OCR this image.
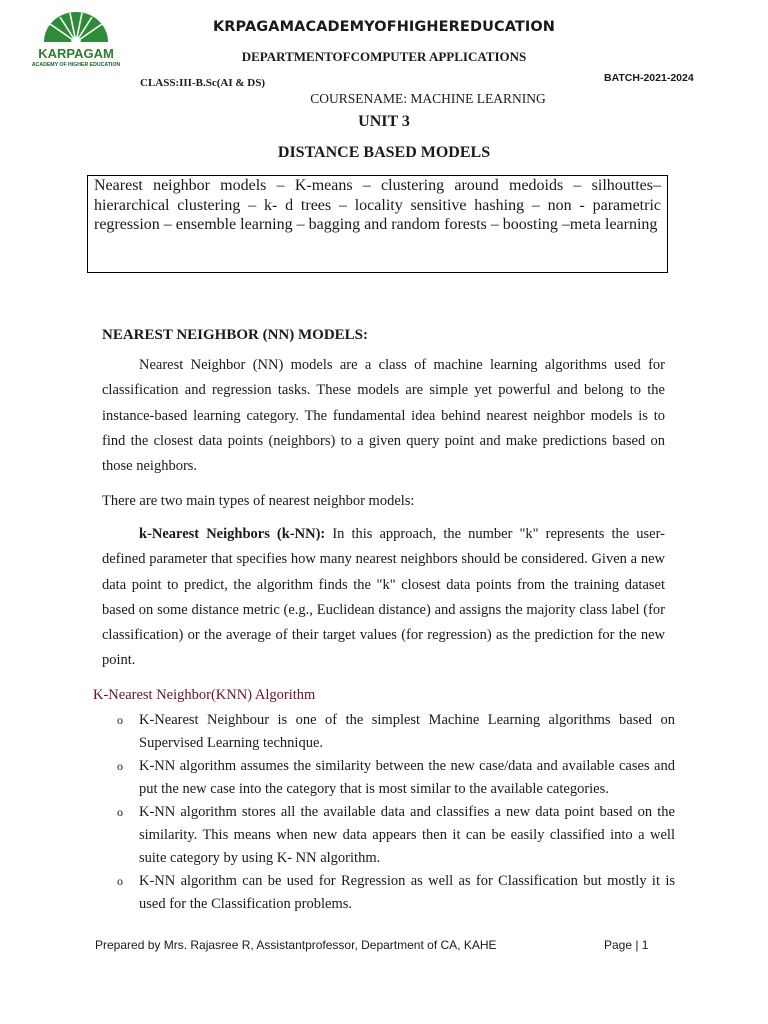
KARPAGAM
ACADEMY OF HIGHER EDUCATION
KRPAGAMACADEMYOFHIGHEREDUCATION
DEPARTMENTOFCOMPUTER APPLICATIONS
CLASS:III-B.Sc(AI & DS)	BATCH-2021-2024
COURSENAME: MACHINE LEARNING
UNIT 3
DISTANCE BASED MODELS
Nearest neighbor models – K-means – clustering around medoids – silhouttes– hierarchical clustering – k- d trees – locality sensitive hashing – non - parametric regression – ensemble learning – bagging and random forests – boosting –meta learning
NEAREST NEIGHBOR (NN) MODELS:
Nearest Neighbor (NN) models are a class of machine learning algorithms used for classification and regression tasks. These models are simple yet powerful and belong to the instance-based learning category. The fundamental idea behind nearest neighbor models is to find the closest data points (neighbors) to a given query point and make predictions based on those neighbors.
There are two main types of nearest neighbor models:
k-Nearest Neighbors (k-NN): In this approach, the number "k" represents the user-defined parameter that specifies how many nearest neighbors should be considered. Given a new data point to predict, the algorithm finds the "k" closest data points from the training dataset based on some distance metric (e.g., Euclidean distance) and assigns the majority class label (for classification) or the average of their target values (for regression) as the prediction for the new point.
K-Nearest Neighbor(KNN) Algorithm
o K-Nearest Neighbour is one of the simplest Machine Learning algorithms based on Supervised Learning technique.
o K-NN algorithm assumes the similarity between the new case/data and available cases and put the new case into the category that is most similar to the available categories.
o K-NN algorithm stores all the available data and classifies a new data point based on the similarity. This means when new data appears then it can be easily classified into a well suite category by using K- NN algorithm.
o K-NN algorithm can be used for Regression as well as for Classification but mostly it is used for the Classification problems.
Prepared by Mrs. Rajasree R, Assistantprofessor, Department of CA, KAHE	Page | 1
